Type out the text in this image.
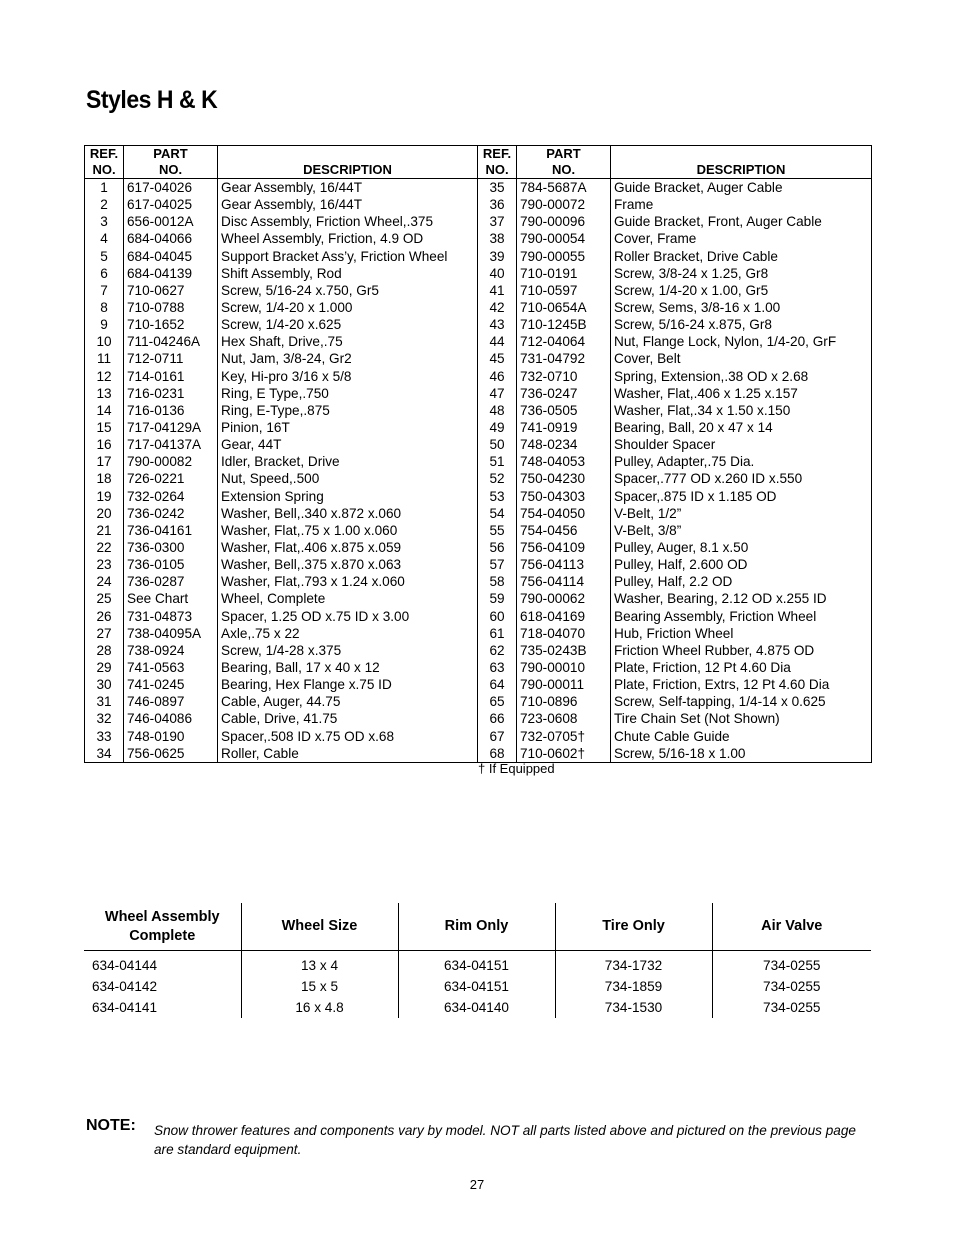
Styles H & K
REF.
NO.	PART
NO.	DESCRIPTION	REF.
NO.	PART
NO.	DESCRIPTION
1	617-04026	Gear Assembly, 16/44T	35	784-5687A	Guide Bracket, Auger Cable
2	617-04025	Gear Assembly, 16/44T	36	790-00072	Frame
3	656-0012A	Disc Assembly, Friction Wheel,.375	37	790-00096	Guide Bracket, Front, Auger Cable
4	684-04066	Wheel Assembly, Friction, 4.9 OD	38	790-00054	Cover, Frame
5	684-04045	Support Bracket Ass’y, Friction Wheel	39	790-00055	Roller Bracket, Drive Cable
6	684-04139	Shift Assembly, Rod	40	710-0191	Screw, 3/8-24 x 1.25, Gr8
7	710-0627	Screw, 5/16-24 x.750, Gr5	41	710-0597	Screw, 1/4-20 x 1.00, Gr5
8	710-0788	Screw, 1/4-20 x 1.000	42	710-0654A	Screw, Sems, 3/8-16 x 1.00
9	710-1652	Screw, 1/4-20 x.625	43	710-1245B	Screw, 5/16-24 x.875, Gr8
10	711-04246A	Hex Shaft, Drive,.75	44	712-04064	Nut, Flange Lock, Nylon, 1/4-20, GrF
11	712-0711	Nut, Jam, 3/8-24, Gr2	45	731-04792	Cover, Belt
12	714-0161	Key, Hi-pro 3/16 x 5/8	46	732-0710	Spring, Extension,.38 OD x 2.68
13	716-0231	Ring, E Type,.750	47	736-0247	Washer, Flat,.406 x 1.25 x.157
14	716-0136	Ring, E-Type,.875	48	736-0505	Washer, Flat,.34 x 1.50 x.150
15	717-04129A	Pinion, 16T	49	741-0919	Bearing, Ball, 20 x 47 x 14
16	717-04137A	Gear, 44T	50	748-0234	Shoulder Spacer
17	790-00082	Idler, Bracket, Drive	51	748-04053	Pulley, Adapter,.75 Dia.
18	726-0221	Nut, Speed,.500	52	750-04230	Spacer,.777 OD x.260 ID x.550
19	732-0264	Extension Spring	53	750-04303	Spacer,.875 ID x 1.185 OD
20	736-0242	Washer, Bell,.340 x.872 x.060	54	754-04050	V-Belt, 1/2”
21	736-04161	Washer, Flat,.75 x 1.00 x.060	55	754-0456	V-Belt, 3/8”
22	736-0300	Washer, Flat,.406 x.875 x.059	56	756-04109	Pulley, Auger, 8.1 x.50
23	736-0105	Washer, Bell,.375 x.870 x.063	57	756-04113	Pulley, Half, 2.600 OD
24	736-0287	Washer, Flat,.793 x 1.24 x.060	58	756-04114	Pulley, Half, 2.2 OD
25	See Chart	Wheel, Complete	59	790-00062	Washer, Bearing, 2.12 OD x.255 ID
26	731-04873	Spacer, 1.25 OD x.75 ID x 3.00	60	618-04169	Bearing Assembly, Friction Wheel
27	738-04095A	Axle,.75 x 22	61	718-04070	Hub, Friction Wheel
28	738-0924	Screw, 1/4-28 x.375	62	735-0243B	Friction Wheel Rubber, 4.875 OD
29	741-0563	Bearing, Ball, 17 x 40 x 12	63	790-00010	Plate, Friction, 12 Pt 4.60 Dia
30	741-0245	Bearing, Hex Flange x.75 ID	64	790-00011	Plate, Friction, Extrs, 12 Pt 4.60 Dia
31	746-0897	Cable, Auger, 44.75	65	710-0896	Screw, Self-tapping, 1/4-14 x 0.625
32	746-04086	Cable, Drive, 41.75	66	723-0608	Tire Chain Set (Not Shown)
33	748-0190	Spacer,.508 ID x.75 OD x.68	67	732-0705†	Chute Cable Guide
34	756-0625	Roller, Cable	68	710-0602†	Screw, 5/16-18 x 1.00
† If Equipped
Wheel Assembly
Complete	Wheel Size	Rim Only	Tire Only	Air Valve
634-04144	13 x 4	634-04151	734-1732	734-0255
634-04142	15 x 5	634-04151	734-1859	734-0255
634-04141	16 x 4.8	634-04140	734-1530	734-0255
NOTE: Snow thrower features and components vary by model. NOT all parts listed above and pictured on the previous page are standard equipment.
27
